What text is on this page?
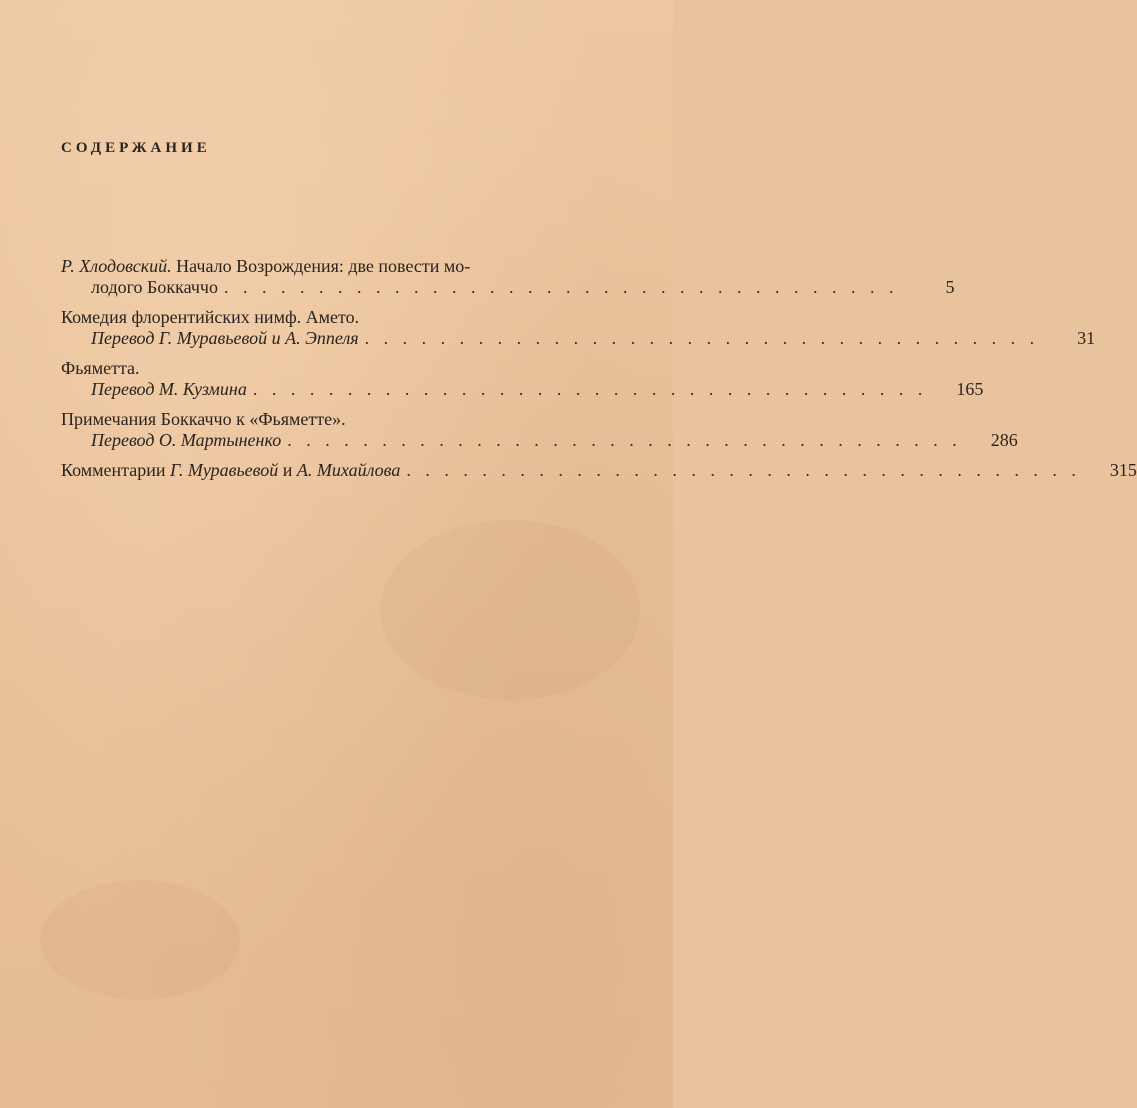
СОДЕРЖАНИЕ
Р. Хлодовский. Начало Возрождения: две повести мо-
лодого Боккаччо . . . . . . . . . . . . . . . . . . . . . . . . . . . . . . . . . . . .	5
Комедия флорентийских нимф. Амето.
Перевод Г. Муравьевой и А. Эппеля . . . . . . . . . . . . . . . . . . . . . . . . . . . . . . . . . . . .	31
Фьяметта.
Перевод М. Кузмина . . . . . . . . . . . . . . . . . . . . . . . . . . . . . . . . . . . .	165
Примечания Боккаччо к «Фьяметте».
Перевод О. Мартыненко . . . . . . . . . . . . . . . . . . . . . . . . . . . . . . . . . . . .	286
Комментарии Г. Муравьевой и А. Михайлова . . . . . . . . . . . . . . . . . . . . . . . . . . . . . . . . . . . .	315
